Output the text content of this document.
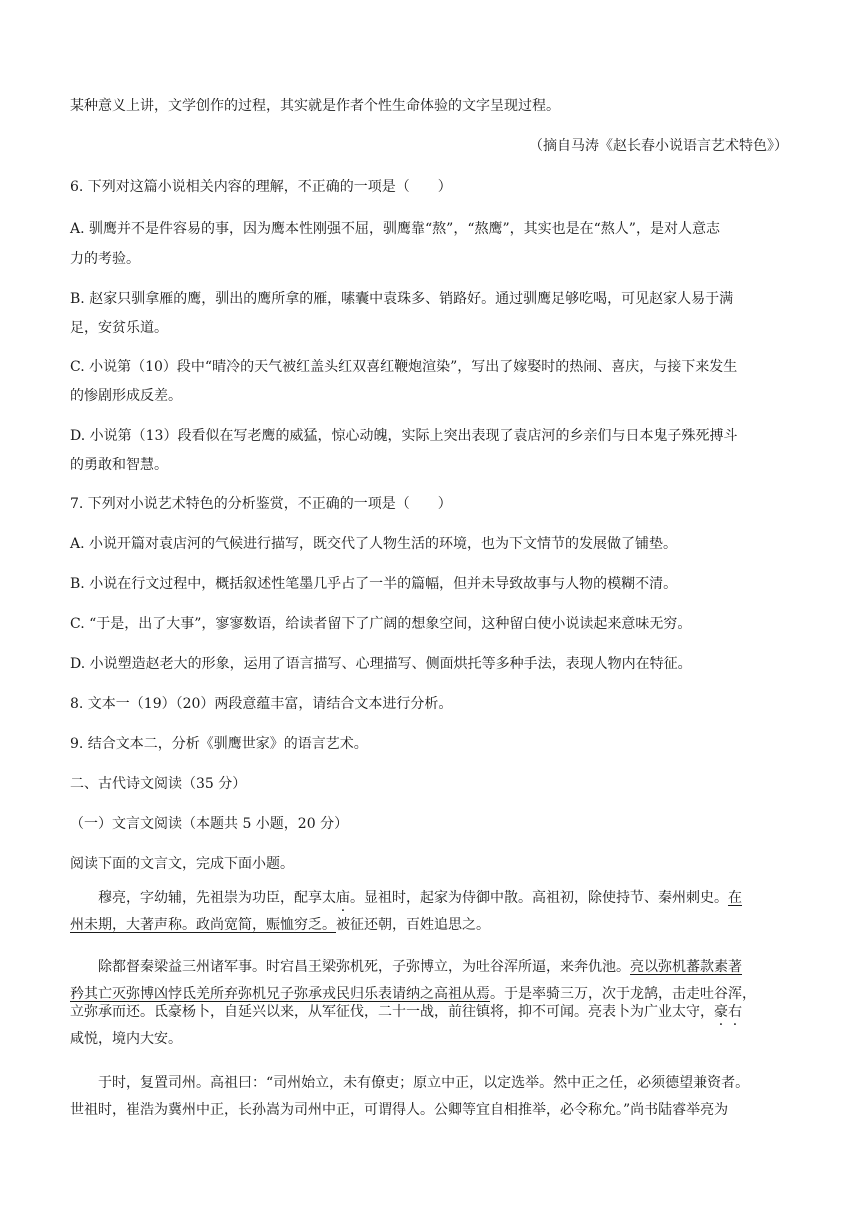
某种意义上讲，文学创作的过程，其实就是作者个性生命体验的文字呈现过程。
（摘自马涛《赵长春小说语言艺术特色》）
6. 下列对这篇小说相关内容的理解，不正确的一项是（　　）
A. 驯鹰并不是件容易的事，因为鹰本性刚强不屈，驯鹰靠“熬”，“熬鹰”，其实也是在“熬人”，是对人意志
力的考验。
B. 赵家只驯拿雁的鹰，驯出的鹰所拿的雁，嗉囊中袁珠多、销路好。通过驯鹰足够吃喝，可见赵家人易于满
足，安贫乐道。
C. 小说第（10）段中“晴冷的天气被红盖头红双喜红鞭炮渲染”，写出了嫁娶时的热闹、喜庆，与接下来发生
的惨剧形成反差。
D. 小说第（13）段看似在写老鹰的威猛，惊心动魄，实际上突出表现了袁店河的乡亲们与日本鬼子殊死搏斗
的勇敢和智慧。
7. 下列对小说艺术特色的分析鉴赏，不正确的一项是（　　）
A. 小说开篇对袁店河的气候进行描写，既交代了人物生活的环境，也为下文情节的发展做了铺垫。
B. 小说在行文过程中，概括叙述性笔墨几乎占了一半的篇幅，但并未导致故事与人物的模糊不清。
C. “于是，出了大事”，寥寥数语，给读者留下了广阔的想象空间，这种留白使小说读起来意味无穷。
D. 小说塑造赵老大的形象，运用了语言描写、心理描写、侧面烘托等多种手法，表现人物内在特征。
8. 文本一（19）（20）两段意蕴丰富，请结合文本进行分析。
9. 结合文本二，分析《驯鹰世家》的语言艺术。
二、古代诗文阅读（35 分）
（一）文言文阅读（本题共 5 小题，20 分）
阅读下面的文言文，完成下面小题。
穆亮，字幼辅，先祖崇为功臣，配享太庙。显祖时，起家为侍御中散。高祖初，除使持节、秦州刺史。在
州未期，大著声称。政尚宽简，赈恤穷乏。被征还朝，百姓追思之。
除都督秦梁益三州诸军事。时宕昌王梁弥机死，子弥博立，为吐谷浑所逼，来奔仇池。亮以弥机蕃款素著
矜其亡灭弥博凶悖氐羌所弃弥机兄子弥承戎民归乐表请纳之高祖从焉。于是率骑三万，次于龙鹄，击走吐谷浑，
立弥承而还。氐豪杨卜，自延兴以来，从军征伐，二十一战，前往镇将，抑不可闻。亮表卜为广业太守，豪右
咸悦，境内大安。
于时，复置司州。高祖曰：“司州始立，未有僚吏；原立中正，以定选举。然中正之任，必须德望兼资者。
世祖时，崔浩为冀州中正，长孙嵩为司州中正，可谓得人。公卿等宜自相推举，必令称允。”尚书陆睿举亮为
